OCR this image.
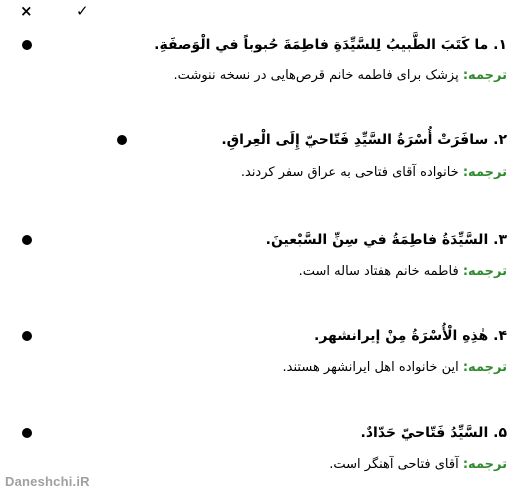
×	✓
١. ما كَتَبَ الطَّبيبُ لِلسَّيِّدَةِ فاطِمَةَ حُبوباً في الْوَصفَةِ.
ترجمه: پزشک برای فاطمه خانم قرص‌هایی در نسخه ننوشت.
٢. سافَرَتْ أُسْرَةُ السَّيِّدِ فَتّاحيّ إِلَى الْعِراقِ.
ترجمه: خانواده آقای فتاحی به عراق سفر کردند.
٣. السَّيِّدَةُ فاطِمَةُ في سِنِّ السَّبْعينَ.
ترجمه: فاطمه خانم هفتاد ساله است.
۴. هٰذِهِ الْأُسْرَةُ مِنْ إيرانشهر.
ترجمه: این خانواده اهل ایرانشهر هستند.
۵. السَّيِّدُ فَتّاحيّ حَدّادٌ.
ترجمه: آقای فتاحی آهنگر است.
Daneshchi.iR
